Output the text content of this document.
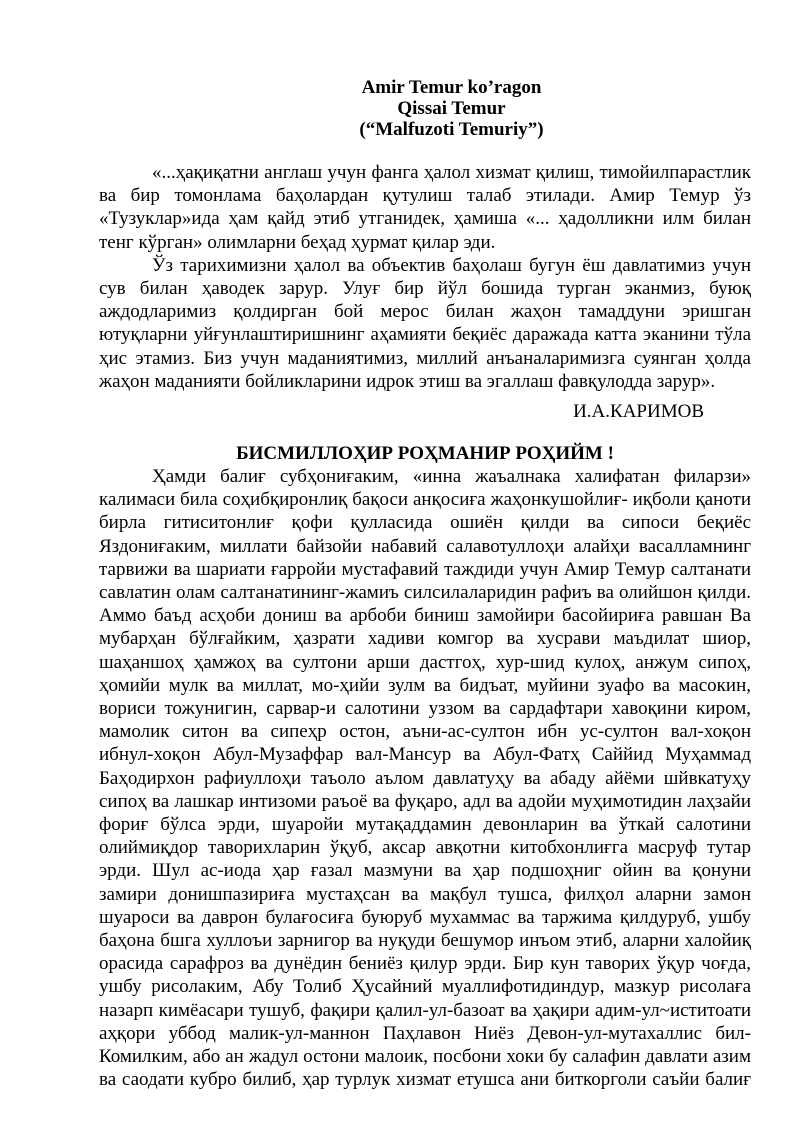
Amir Temur ko’ragon
Qissai Temur
(“Malfuzoti Temuriy”)
«...ҳақиқатни англаш учун фанга ҳалол хизмат қилиш, тимойилпарастлик
ва бир томонлама баҳолардан қутулиш талаб этилади. Амир Темур ўз
«Тузуклар»ида ҳам қайд этиб утганидек, ҳамиша «... ҳадолликни илм билан
тенг кўрган» олимларни беҳад ҳурмат қилар эди.
Ўз тарихимизни ҳалол ва объектив баҳолаш бугун ёш давлатимиз учун
сув билан ҳаводек зарур. Улуғ бир йўл бошида турган эканмиз, буюқ
аждодларимиз қолдирган бой мерос билан жаҳон тамаддуни эришган
ютуқларни уйғунлаштиришнинг аҳамияти беқиёс даражада катта эканини тўла
ҳис этамиз. Биз учун маданиятимиз, миллий анъаналаримизга суянган ҳолда
жаҳон маданияти бойликларини идрок этиш ва эгаллаш фавқулодда зарур».
И.А.КАРИМОВ
БИСМИЛЛОҲИР РОҲМАНИР РОҲИЙМ !
Ҳамди балиғ субҳониғаким, «инна жаъалнака халифатан филарзи»
калимаси била соҳибқиронлиқ бақоси анқосиға жаҳонкушойлиғ- иқболи қаноти
бирла гитиситонлиғ қофи қулласида ошиён қилди ва сипоси беқиёс
Яздониғаким, миллати байзойи набавий салавотуллоҳи алайҳи васалламнинг
тарвижи ва шариати ғарройи мустафавий таждиди учун Амир Темур салтанати
савлатин олам салтанатининг-жамиъ силсилаларидин рафиъ ва олийшон қилди.
Аммо баъд асҳоби дониш ва арбоби биниш замойири басойириға равшан Ва
мубарҳан бўлғайким, ҳазрати хадиви комгор ва хусрави маъдилат шиор,
шаҳаншоҳ ҳамжоҳ ва султони арши дастгоҳ, хур-шид кулоҳ, анжум сипоҳ,
ҳомийи мулк ва миллат, мо-ҳийи зулм ва бидъат, муйини зуафо ва масокин,
вориси тожунигин, сарвар-и салотини уззом ва сардафтари хавоқини киром,
мамолик ситон ва сипеҳр остон, аъни-ас-султон ибн ус-султон вал-хоқон
ибнул-хоқон Абул-Музаффар вал-Мансур ва Абул-Фатҳ Саййид Муҳаммад
Баҳодирхон рафиуллоҳи таъоло аълом давлатуҳу ва абаду айёми шйвкатуҳу
сипоҳ ва лашкар интизоми раъоё ва фуқаро, адл ва адойи муҳимотидин лаҳзайи
фориғ бўлса эрди, шуаройи мутақаддамин девонларин ва ўткай салотини
олиймиқдор таворихларин ўқуб, аксар авқотни китобхонлиғга масруф тутар
эрди. Шул ас-иода ҳар ғазал мазмуни ва ҳар подшоҳниг ойин ва қонуни
замири донишпазириға мустаҳсан ва мақбул тушса, филҳол аларни замон
шуароси ва даврон булағосиға буюруб мухаммас ва таржима қилдуруб, ушбу
баҳона бшга хуллоъи зарнигор ва нуқуди бешумор инъом этиб, аларни халойиқ
орасида сарафроз ва дунёдин бениёз қилур эрди. Бир кун таворих ўқур чоғда,
ушбу рисолаким, Абу Толиб Ҳусайний муаллифотидиндур, мазкур рисолаға
назарп кимёасари тушуб, фақири қалил-ул-базоат ва ҳақири адим-ул~иститоати
аҳқори уббод малик-ул-маннон Паҳлавон Ниёз Девон-ул-мутахаллис бил-
Комилким, або ан жадул остони малоик, посбони хоки бу салафин давлати азим
ва саодати кубро билиб, ҳар турлук хизмат етушса ани биткорголи саъйи балиғ
